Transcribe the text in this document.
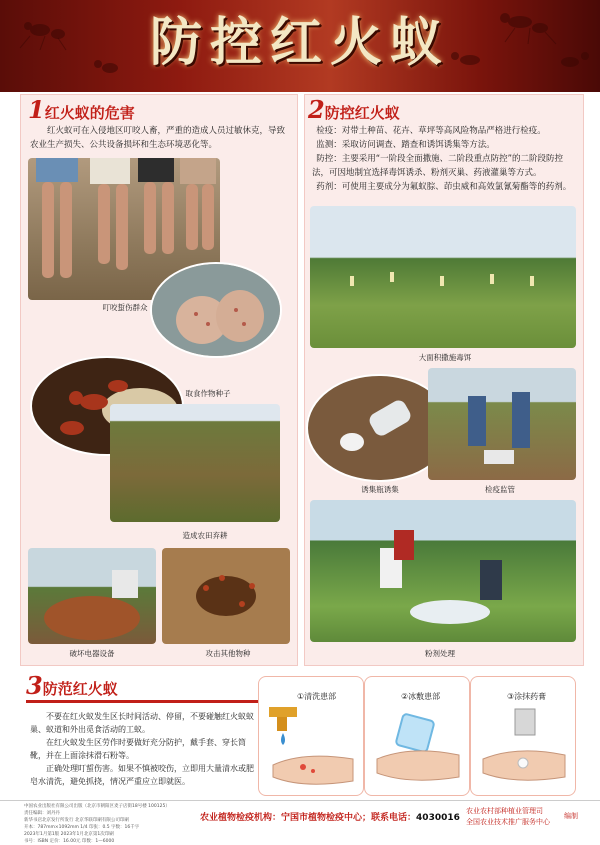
防控红火蚁
1红火蚁的危害
红火蚁可在入侵地区叮咬人畜，严重的造成人员过敏休克，导致农业生产损失、公共设备损坏和生态环境恶化等。
叮咬蜇伤群众
取食作物种子
造成农田弃耕
破坏电器设备	攻击其他物种
2防控红火蚁
检疫：对带土种苗、花卉、草坪等高风险物品严格进行检疫。
监测：采取访问调查、踏查和诱饵诱集等方法。
防控：主要采用“一阶段全面撒施、二阶段重点防控”的二阶段防控法，可因地制宜选择毒饵诱杀、粉剂灭巢、药液灌巢等方式。
药剂：可使用主要成分为氟蚁腙、茚虫威和高效氯氰菊酯等的药剂。
大面积撒施毒饵
诱集瓶诱集	检疫监管
粉剂处理
3防范红火蚁
不要在红火蚁发生区长时间活动、停留，不要碰触红火蚁蚁巢、蚁道和外出觅食活动的工蚁。
在红火蚁发生区劳作时要做好充分防护，戴手套、穿长筒靴，并在上面涂抹滑石粉等。
正确处理叮蜇伤害。如果不慎被咬伤，立即用大量清水或肥皂水清洗，避免抓挠，情况严重应立即就医。
①清洗患部	②冰敷患部	③涂抹药膏
中国农业出版社有限公司出版（北京市朝阳区麦子店街18号楼 100125）
责任编辑：刘丹丹
新华书店北京发行所发行 北京华联印刷有限公司印刷
开本：787mm×1092mm 1/4 印张：0.5 字数：16千字
2023年1月第1版 2023年1月北京第1次印刷
书号：ISBN 定价：16.00元 印数：1—6000
农业植物检疫机构：宁国市植物检疫中心；联系电话：4030016
农业农村部种植业管理司
全国农业技术推广服务中心
编制
